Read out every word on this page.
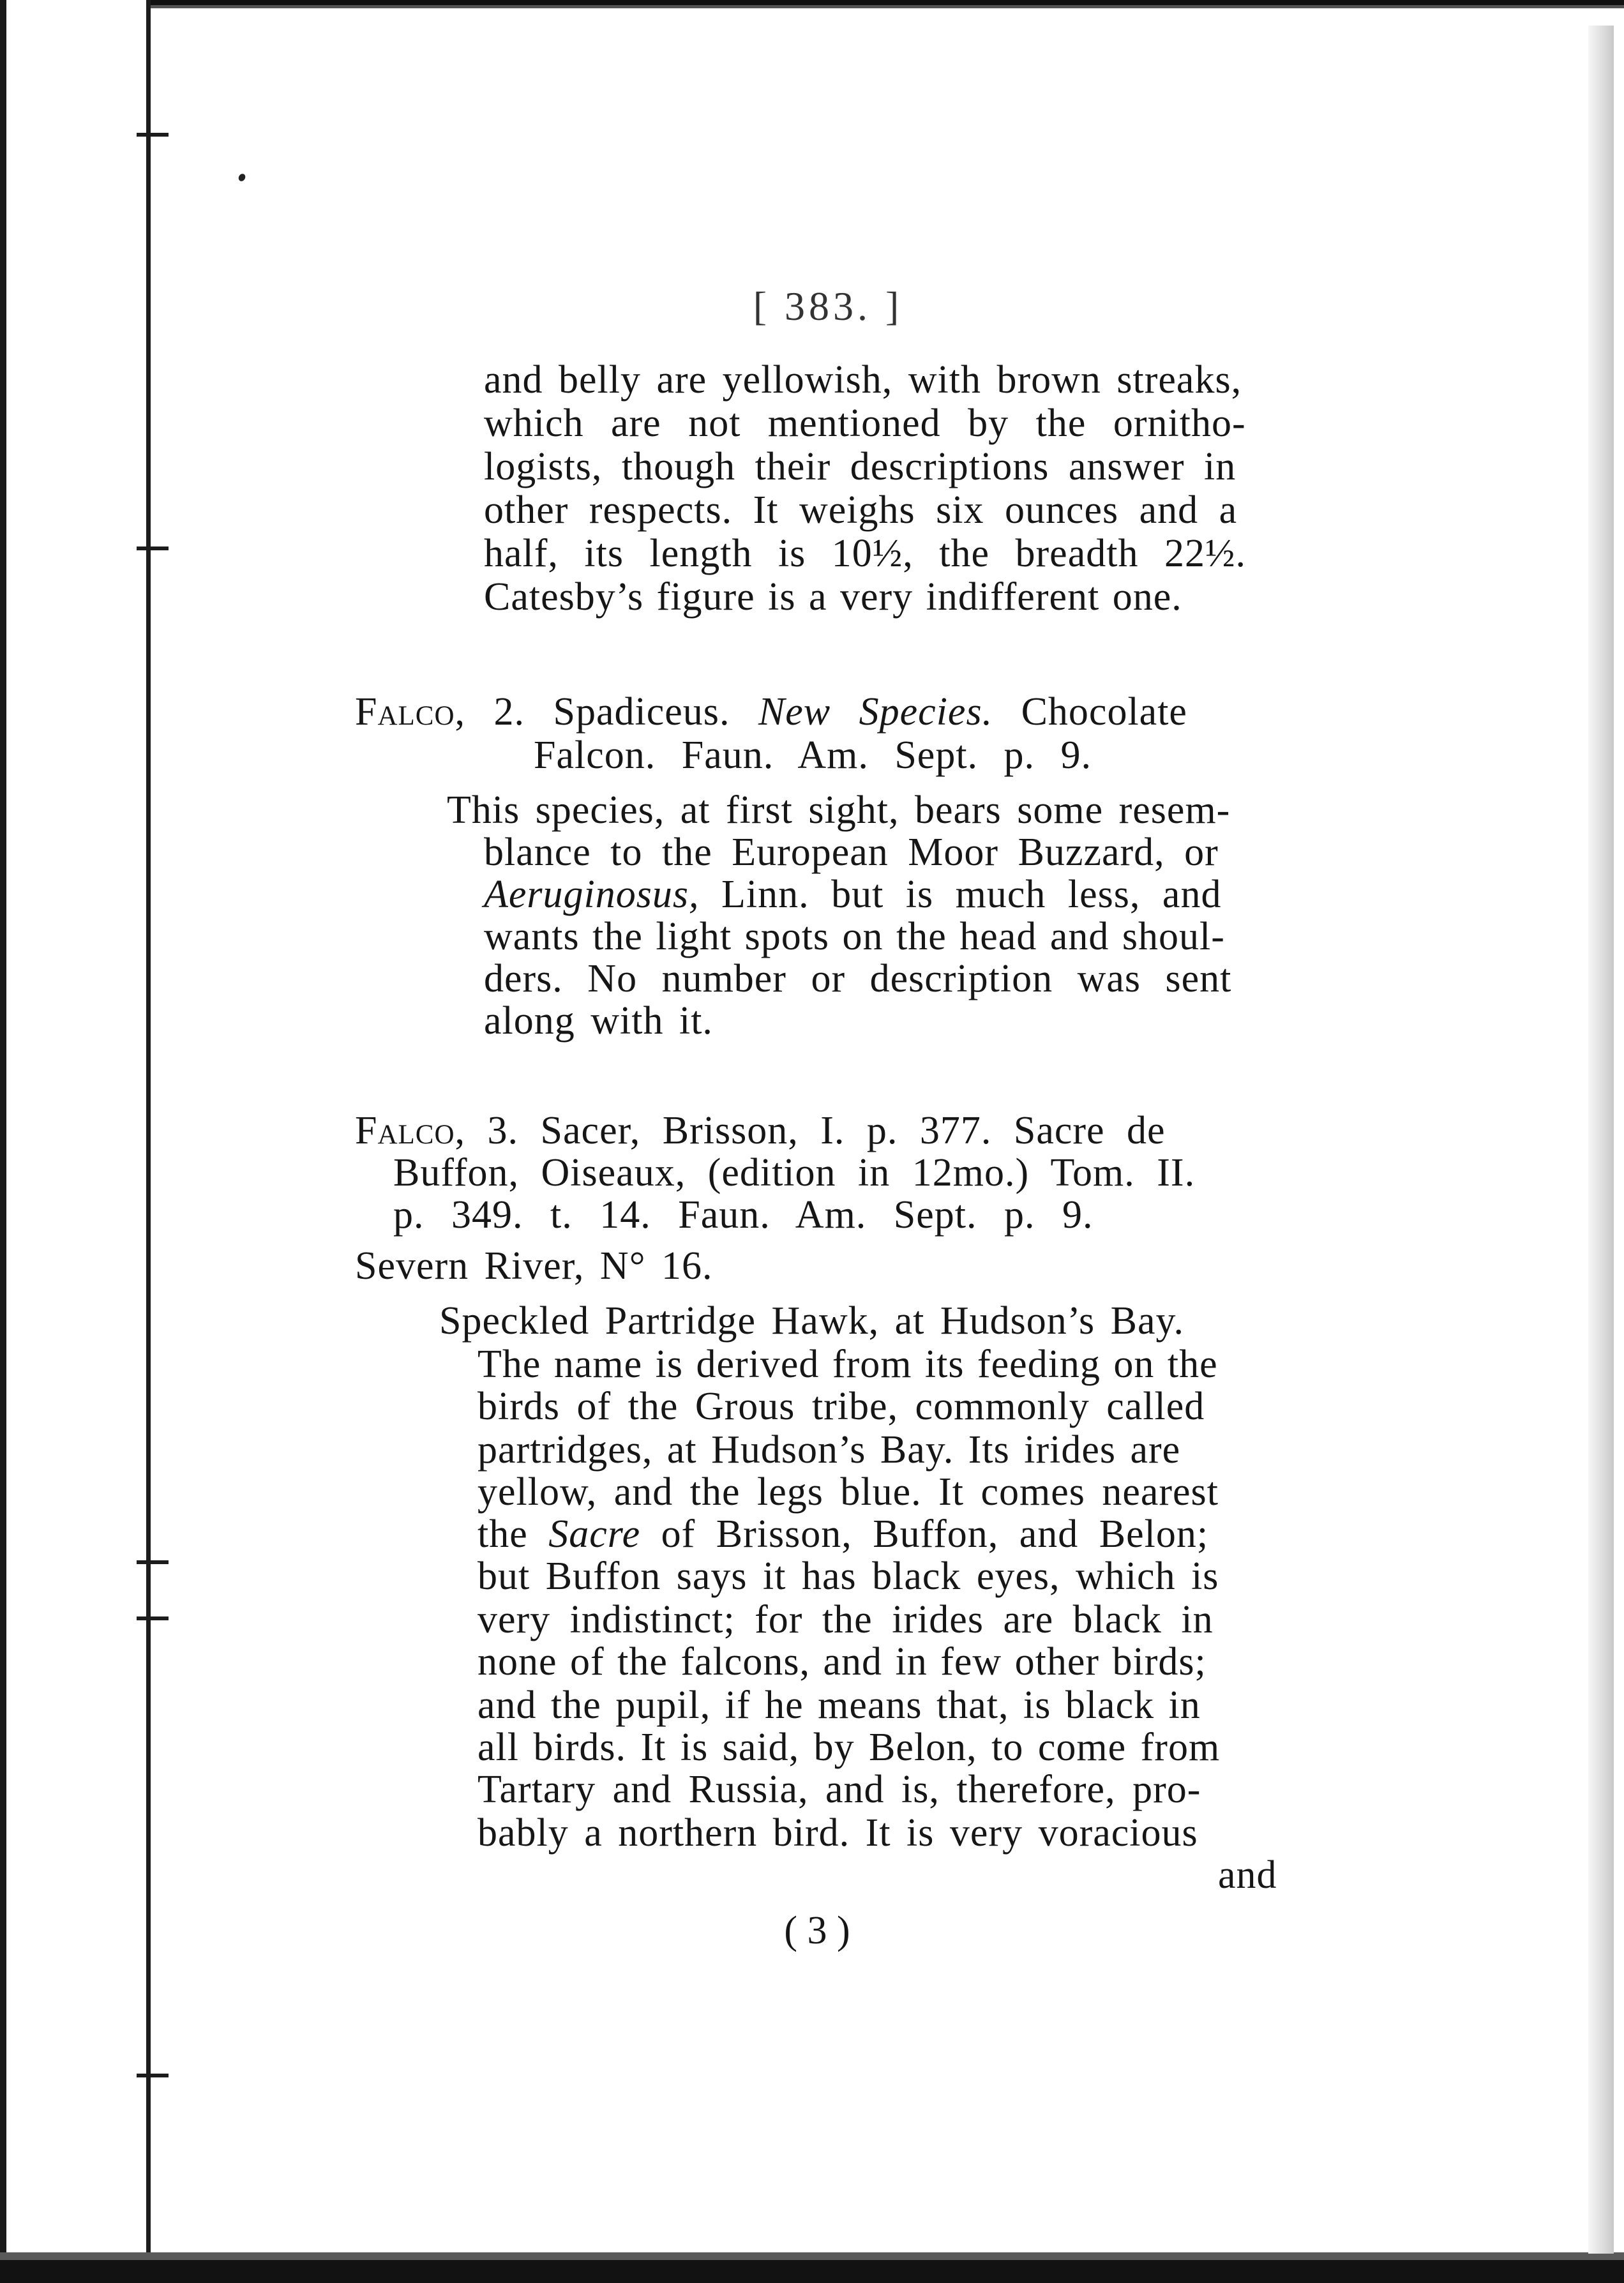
[ 383. ]

and belly are yellowish, with brown streaks,

which are not mentioned by the ornitho-

logists, though their descriptions answer in

other respects. It weighs six ounces and a

half, its length is 10½, the breadth 22½.

Catesby’s figure is a very indifferent one.

Falco, 2. Spadiceus. New Species. Chocolate

Falcon. Faun. Am. Sept. p. 9.

This species, at first sight, bears some resem-

blance to the European Moor Buzzard, or

Aeruginosus, Linn. but is much less, and

wants the light spots on the head and shoul-

ders. No number or description was sent

along with it.

Falco, 3. Sacer, Brisson, I. p. 377. Sacre de

Buffon, Oiseaux, (edition in 12mo.) Tom. II.

p. 349. t. 14. Faun. Am. Sept. p. 9.

Severn River, N° 16.

Speckled Partridge Hawk, at Hudson’s Bay.

The name is derived from its feeding on the

birds of the Grous tribe, commonly called

partridges, at Hudson’s Bay. Its irides are

yellow, and the legs blue. It comes nearest

the Sacre of Brisson, Buffon, and Belon;

but Buffon says it has black eyes, which is

very indistinct; for the irides are black in

none of the falcons, and in few other birds;

and the pupil, if he means that, is black in

all birds. It is said, by Belon, to come from

Tartary and Russia, and is, therefore, pro-

bably a northern bird. It is very voracious

and

( 3 )
